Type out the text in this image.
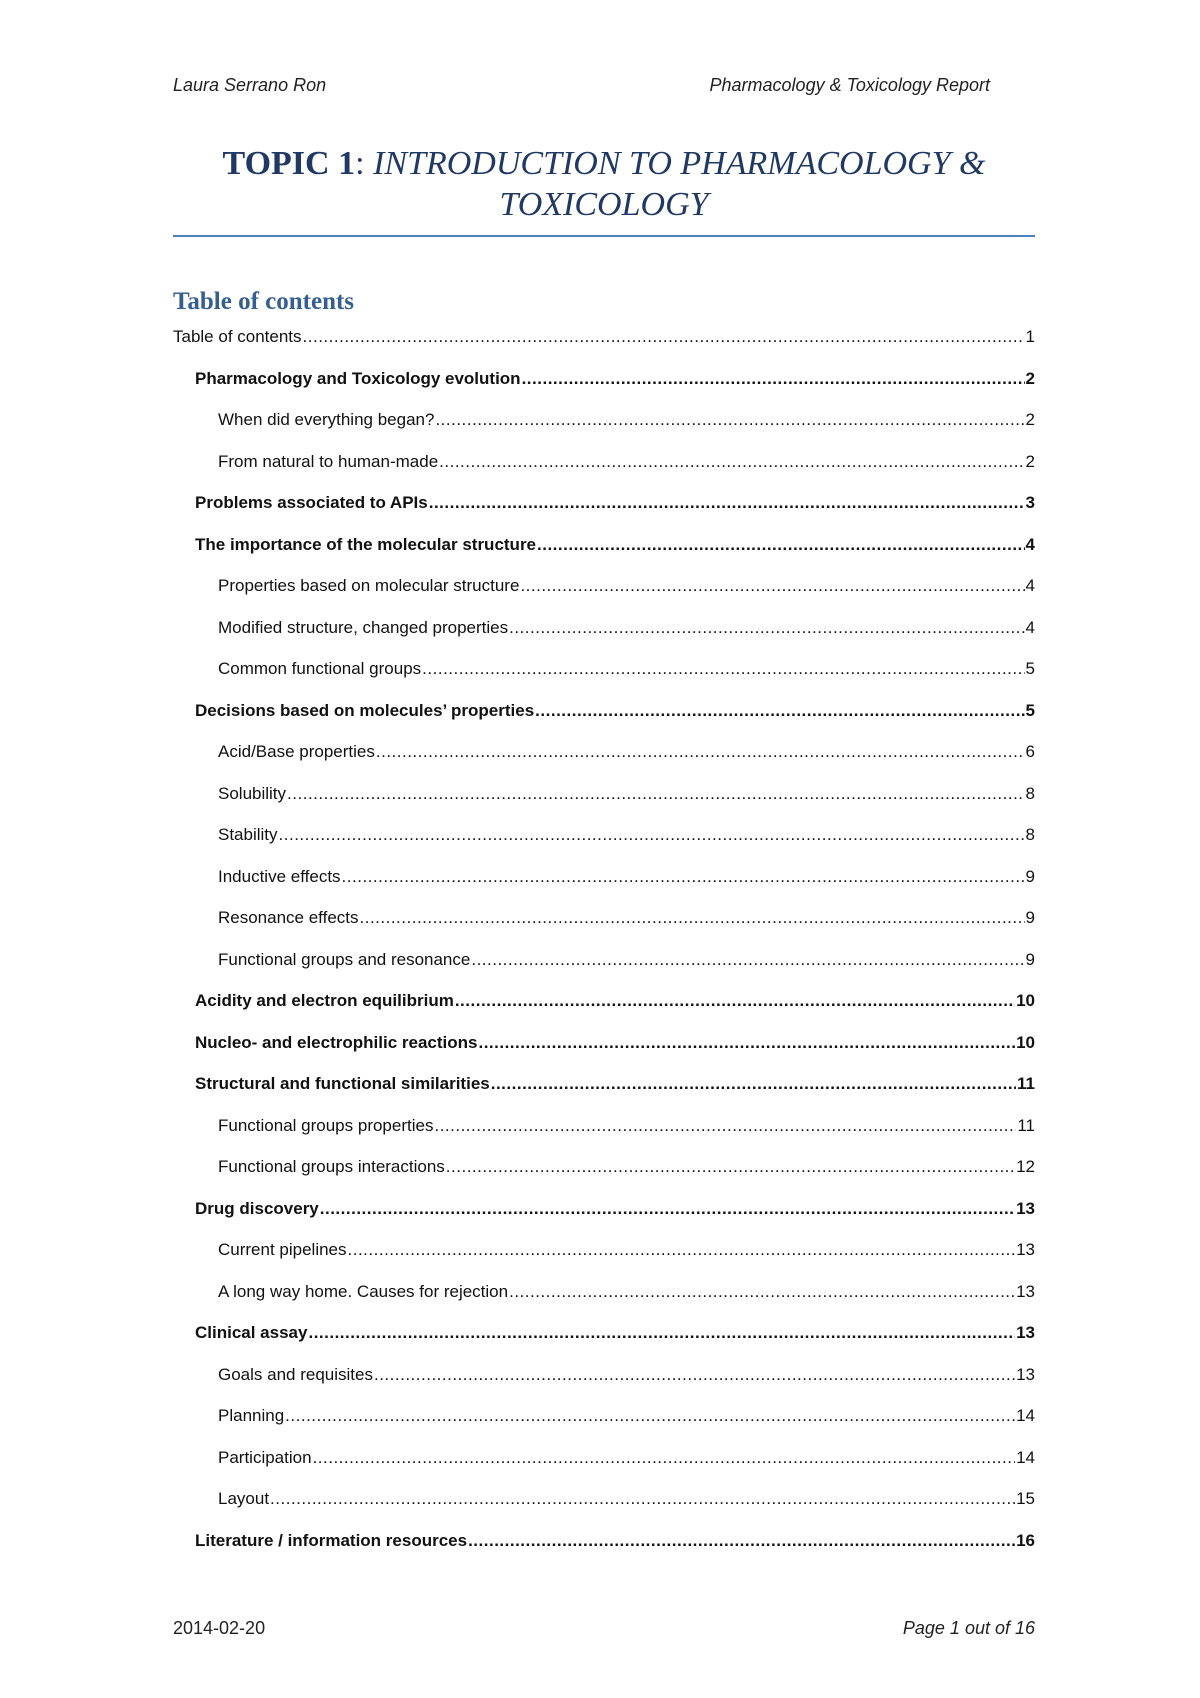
Laura Serrano Ron	Pharmacology & Toxicology Report
TOPIC 1: INTRODUCTION TO PHARMACOLOGY &
TOXICOLOGY
Table of contents
Table of contents .....	1
Pharmacology and Toxicology evolution .....	2
When did everything began? .....	2
From natural to human-made .....	2
Problems associated to APIs .....	3
The importance of the molecular structure .....	4
Properties based on molecular structure .....	4
Modified structure, changed properties .....	4
Common functional groups .....	5
Decisions based on molecules’ properties .....	5
Acid/Base properties .....	6
Solubility .....	8
Stability .....	8
Inductive effects .....	9
Resonance effects .....	9
Functional groups and resonance .....	9
Acidity and electron equilibrium .....	10
Nucleo- and electrophilic reactions .....	10
Structural and functional similarities .....	11
Functional groups properties .....	11
Functional groups interactions .....	12
Drug discovery .....	13
Current pipelines .....	13
A long way home. Causes for rejection .....	13
Clinical assay .....	13
Goals and requisites .....	13
Planning .....	14
Participation .....	14
Layout .....	15
Literature / information resources .....	16
2014-02-20	Page 1 out of 16
